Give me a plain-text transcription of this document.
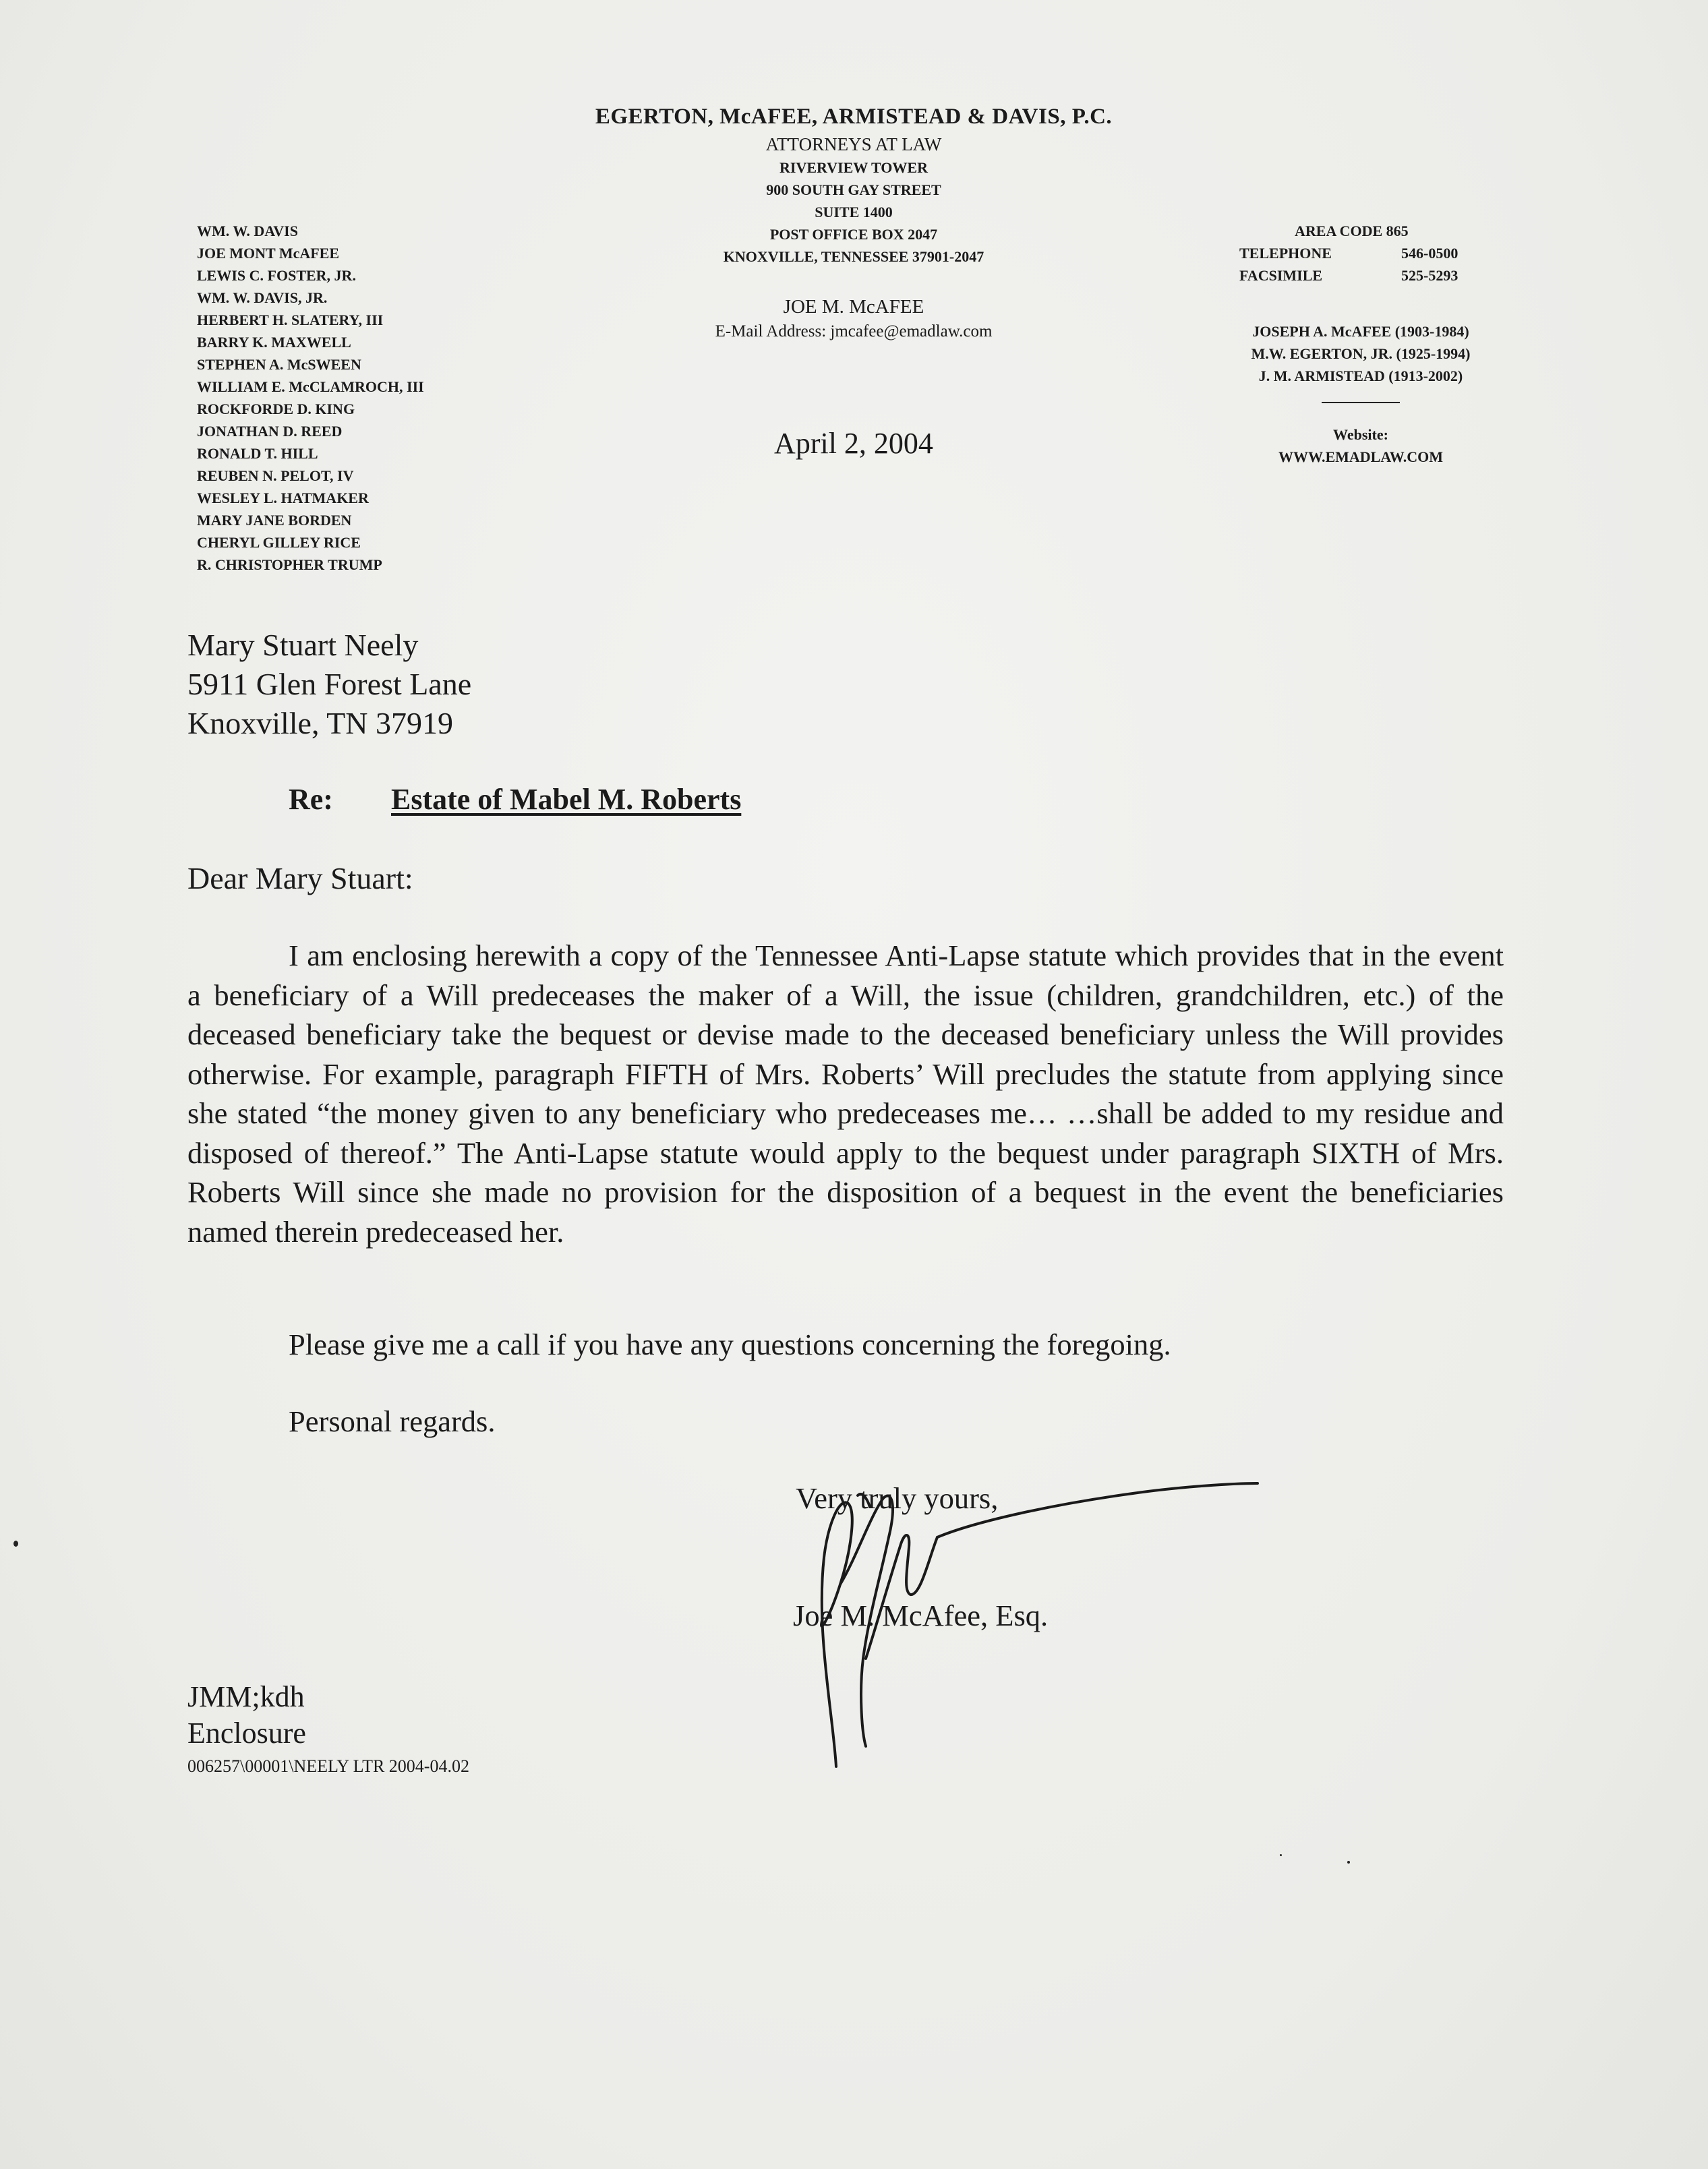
EGERTON, McAFEE, ARMISTEAD & DAVIS, P.C.

ATTORNEYS AT LAW

RIVERVIEW TOWER

900 SOUTH GAY STREET

SUITE 1400

POST OFFICE BOX 2047

KNOXVILLE, TENNESSEE 37901-2047

JOE M. McAFEE

E-Mail Address: jmcafee@emadlaw.com

April 2, 2004
WM. W. DAVIS
JOE MONT McAFEE
LEWIS C. FOSTER, JR.
WM. W. DAVIS, JR.
HERBERT H. SLATERY, III
BARRY K. MAXWELL
STEPHEN A. McSWEEN
WILLIAM E. McCLAMROCH, III
ROCKFORDE D. KING
JONATHAN D. REED
RONALD T. HILL
REUBEN N. PELOT, IV
WESLEY L. HATMAKER
MARY JANE BORDEN
CHERYL GILLEY RICE
R. CHRISTOPHER TRUMP
AREA CODE 865
TELEPHONE	546-0500
FACSIMILE	525-5293
JOSEPH A. McAFEE (1903-1984)
M.W. EGERTON, JR. (1925-1994)
J. M. ARMISTEAD (1913-2002)
Website:
WWW.EMADLAW.COM
Mary Stuart Neely
5911 Glen Forest Lane
Knoxville, TN 37919
Re: Estate of Mabel M. Roberts
Dear Mary Stuart:

I am enclosing herewith a copy of the Tennessee Anti-Lapse statute which provides that in the event a beneficiary of a Will predeceases the maker of a Will, the issue (children, grandchildren, etc.) of the deceased beneficiary take the bequest or devise made to the deceased beneficiary unless the Will provides otherwise. For example, paragraph FIFTH of Mrs. Roberts’ Will precludes the statute from applying since she stated “the money given to any beneficiary who predeceases me… …shall be added to my residue and disposed of thereof.” The Anti-Lapse statute would apply to the bequest under paragraph SIXTH of Mrs. Roberts Will since she made no provision for the disposition of a bequest in the event the beneficiaries named therein predeceased her.

Please give me a call if you have any questions concerning the foregoing.
Personal regards.
Very truly yours,
Joe M. McAfee, Esq.
JMM;kdh
Enclosure
006257\00001\NEELY LTR 2004-04.02
